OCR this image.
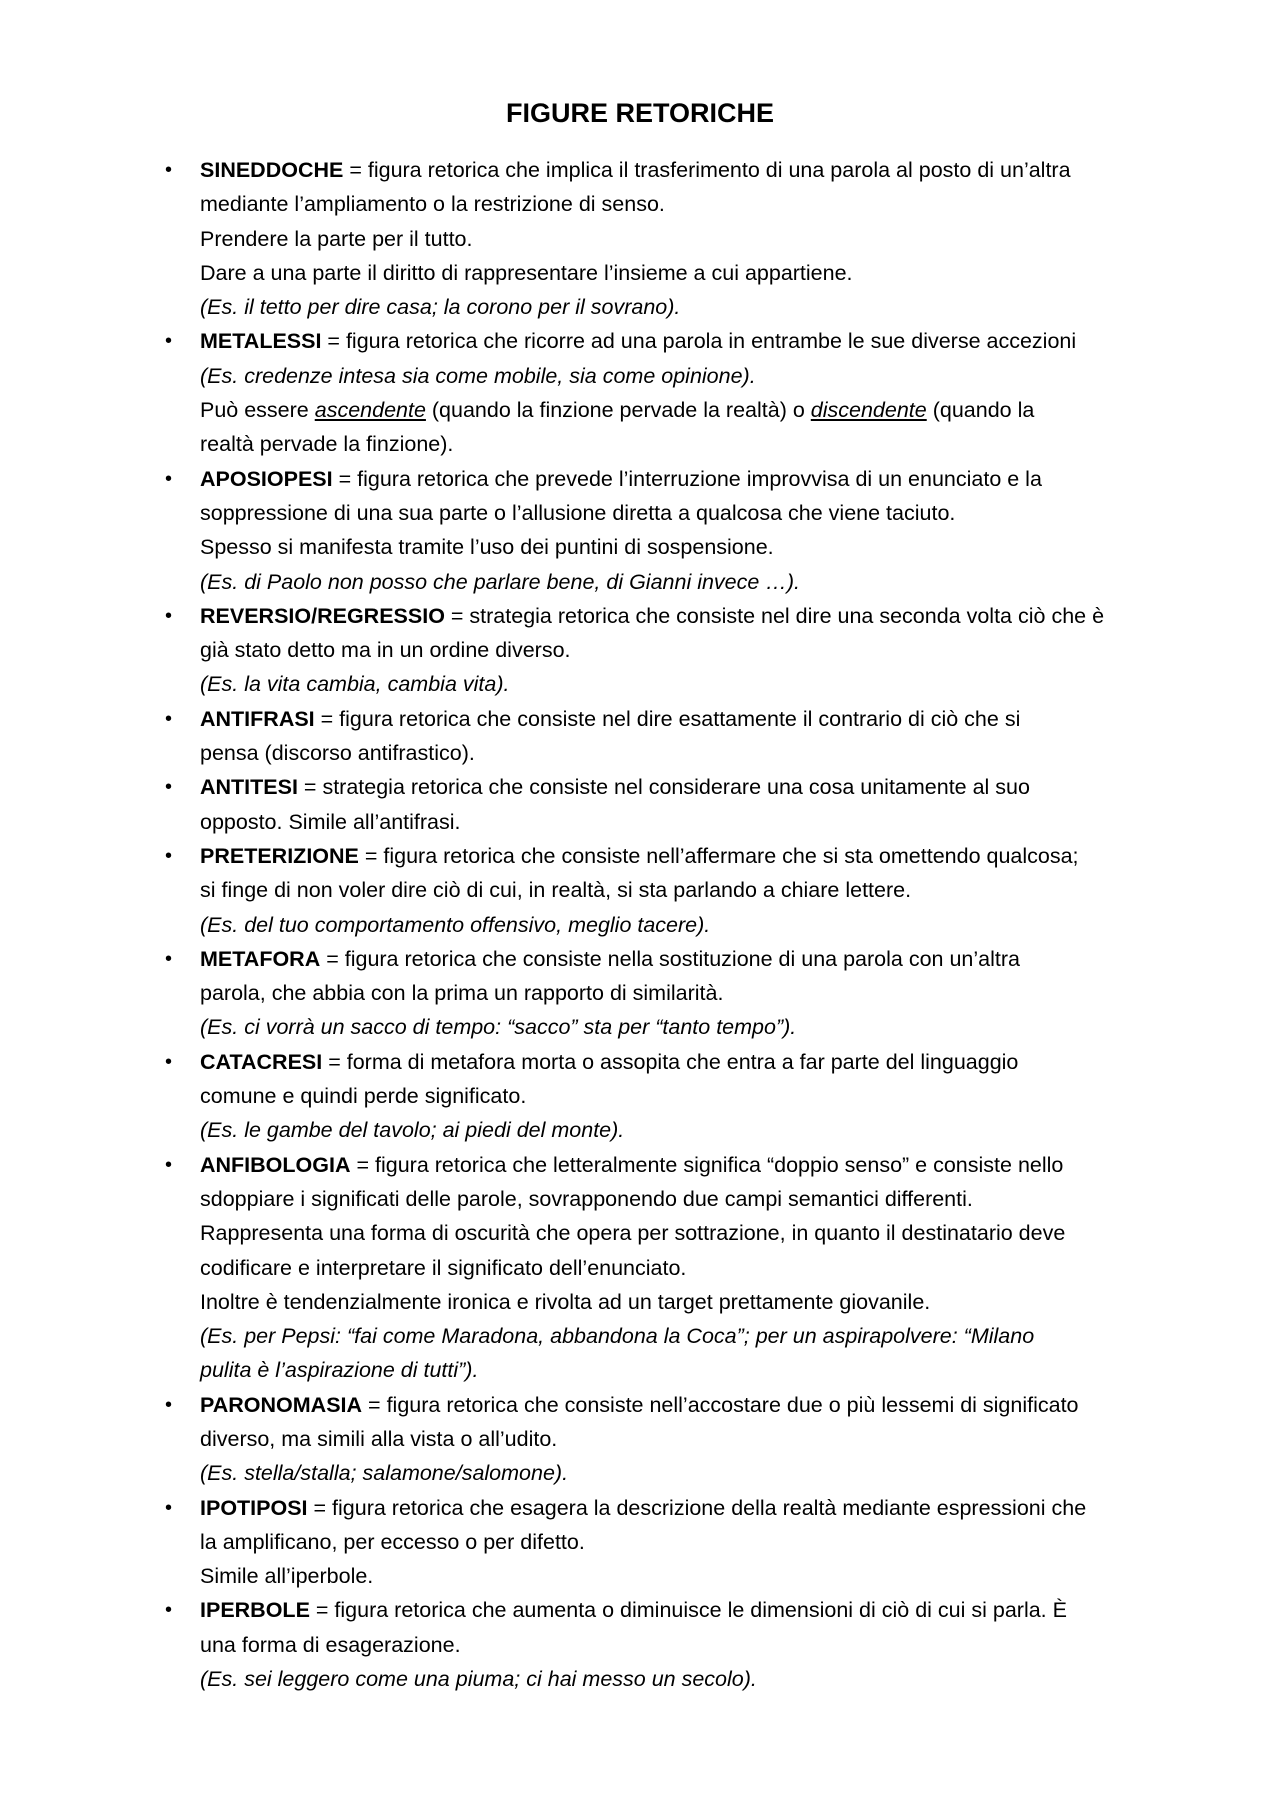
FIGURE RETORICHE
• SINEDDOCHE = figura retorica che implica il trasferimento di una parola al posto di un’altra
mediante l’ampliamento o la restrizione di senso.
Prendere la parte per il tutto.
Dare a una parte il diritto di rappresentare l’insieme a cui appartiene.
(Es. il tetto per dire casa; la corono per il sovrano).
• METALESSI = figura retorica che ricorre ad una parola in entrambe le sue diverse accezioni
(Es. credenze intesa sia come mobile, sia come opinione).
Può essere ascendente (quando la finzione pervade la realtà) o discendente (quando la
realtà pervade la finzione).
• APOSIOPESI = figura retorica che prevede l’interruzione improvvisa di un enunciato e la
soppressione di una sua parte o l’allusione diretta a qualcosa che viene taciuto.
Spesso si manifesta tramite l’uso dei puntini di sospensione.
(Es. di Paolo non posso che parlare bene, di Gianni invece …).
• REVERSIO/REGRESSIO = strategia retorica che consiste nel dire una seconda volta ciò che è
già stato detto ma in un ordine diverso.
(Es. la vita cambia, cambia vita).
• ANTIFRASI = figura retorica che consiste nel dire esattamente il contrario di ciò che si
pensa (discorso antifrastico).
• ANTITESI = strategia retorica che consiste nel considerare una cosa unitamente al suo
opposto. Simile all’antifrasi.
• PRETERIZIONE = figura retorica che consiste nell’affermare che si sta omettendo qualcosa;
si finge di non voler dire ciò di cui, in realtà, si sta parlando a chiare lettere.
(Es. del tuo comportamento offensivo, meglio tacere).
• METAFORA = figura retorica che consiste nella sostituzione di una parola con un’altra
parola, che abbia con la prima un rapporto di similarità.
(Es. ci vorrà un sacco di tempo: “sacco” sta per “tanto tempo”).
• CATACRESI = forma di metafora morta o assopita che entra a far parte del linguaggio
comune e quindi perde significato.
(Es. le gambe del tavolo; ai piedi del monte).
• ANFIBOLOGIA = figura retorica che letteralmente significa “doppio senso” e consiste nello
sdoppiare i significati delle parole, sovrapponendo due campi semantici differenti.
Rappresenta una forma di oscurità che opera per sottrazione, in quanto il destinatario deve
codificare e interpretare il significato dell’enunciato.
Inoltre è tendenzialmente ironica e rivolta ad un target prettamente giovanile.
(Es. per Pepsi: “fai come Maradona, abbandona la Coca”; per un aspirapolvere: “Milano
pulita è l’aspirazione di tutti”).
• PARONOMASIA = figura retorica che consiste nell’accostare due o più lessemi di significato
diverso, ma simili alla vista o all’udito.
(Es. stella/stalla; salamone/salomone).
• IPOTIPOSI = figura retorica che esagera la descrizione della realtà mediante espressioni che
la amplificano, per eccesso o per difetto.
Simile all’iperbole.
• IPERBOLE = figura retorica che aumenta o diminuisce le dimensioni di ciò di cui si parla. È
una forma di esagerazione.
(Es. sei leggero come una piuma; ci hai messo un secolo).
